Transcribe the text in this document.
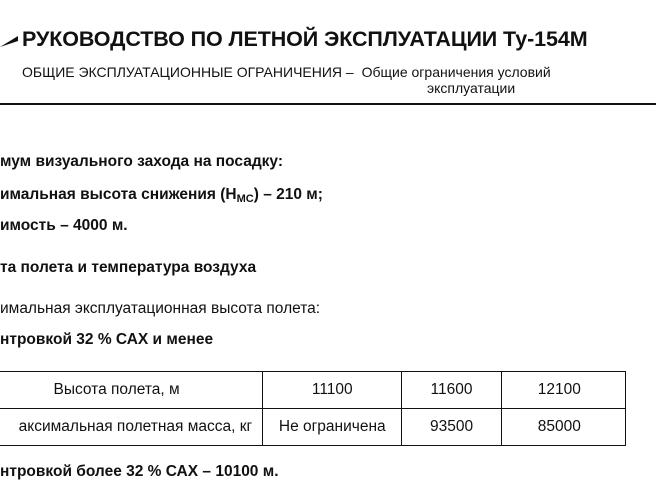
РУКОВОДСТВО ПО ЛЕТНОЙ ЭКСПЛУАТАЦИИ Ту-154М
ОБЩИЕ ЭКСПЛУАТАЦИОННЫЕ ОГРАНИЧЕНИЯ – Общие ограничения условий
эксплуатации
мум визуального захода на посадку:
имальная высота снижения (HМС) – 210 м;
имость – 4000 м.
та полета и температура воздуха
имальная эксплуатационная высота полета:
нтровкой 32 % САХ и менее
Высота полета, м	11100	11600	12100
аксимальная полетная масса, кг	Не ограничена	93500	85000
нтровкой более 32 % САХ – 10100 м.
